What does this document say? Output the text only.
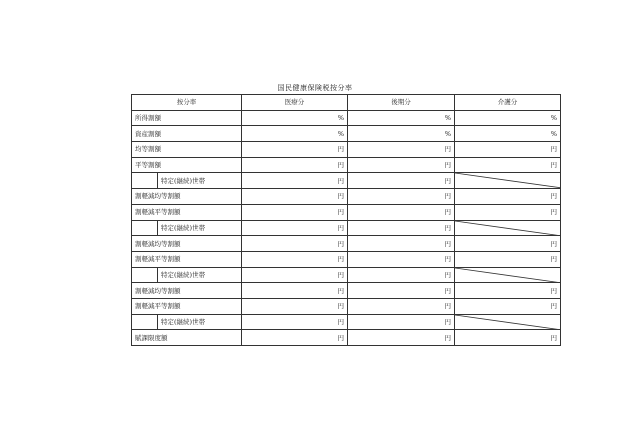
国民健康保険税按分率
按分率		医療分	後期分	介護分
所得割額		%	%	%
資産割額		%	%	%
均等割額		円	円	円
平等割額		円	円	円
	特定(継続)世帯	円	円	

割軽減均等割額		円	円	円
割軽減平等割額		円	円	円
	特定(継続)世帯	円	円	

割軽減均等割額		円	円	円
割軽減平等割額		円	円	円
	特定(継続)世帯	円	円	

割軽減均等割額		円	円	円
割軽減平等割額		円	円	円
	特定(継続)世帯	円	円	

賦課限度額		円	円	円
